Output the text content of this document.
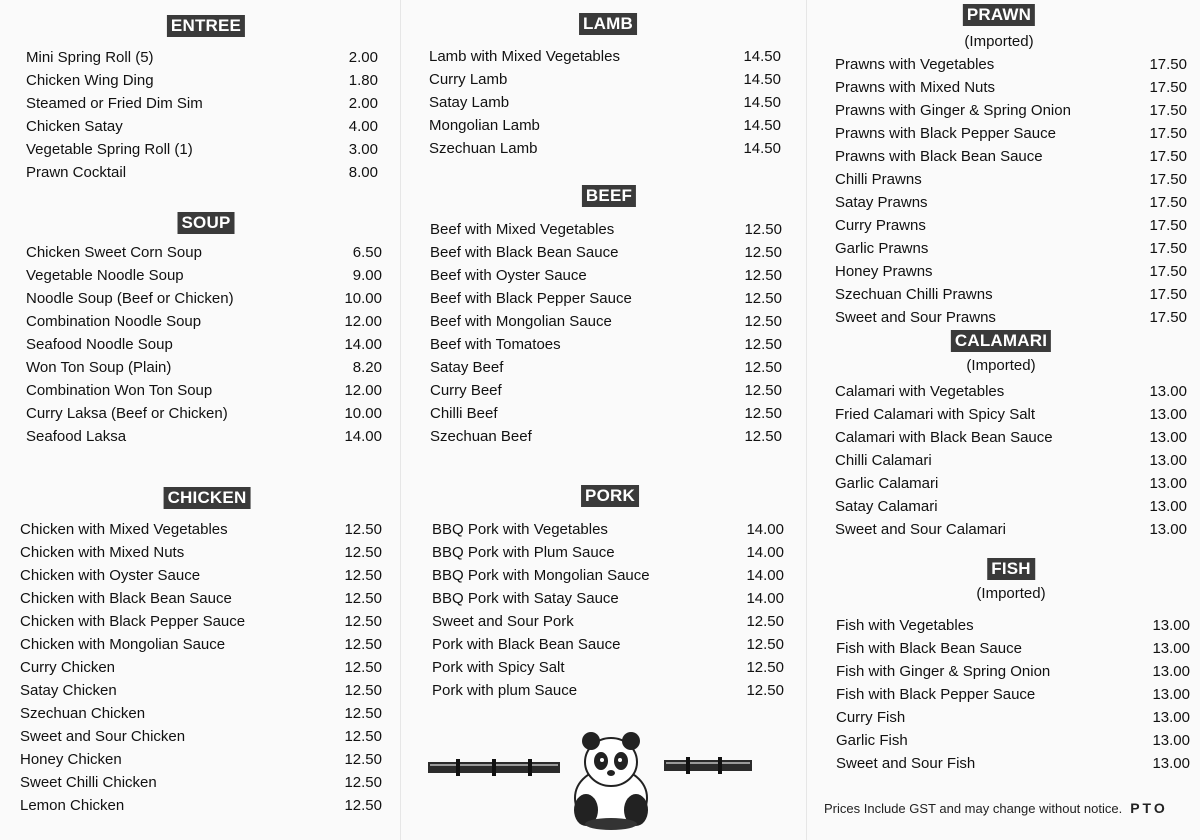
ENTREE
Mini Spring Roll (5)	2.00
Chicken Wing Ding	1.80
Steamed or Fried Dim Sim	2.00
Chicken Satay	4.00
Vegetable Spring Roll (1)	3.00
Prawn Cocktail	8.00
SOUP
Chicken Sweet Corn Soup	6.50
Vegetable Noodle Soup	9.00
Noodle Soup (Beef or Chicken)	10.00
Combination Noodle Soup	12.00
Seafood Noodle Soup	14.00
Won Ton Soup (Plain)	8.20
Combination Won Ton Soup	12.00
Curry Laksa (Beef or Chicken)	10.00
Seafood Laksa	14.00
CHICKEN
Chicken with Mixed Vegetables	12.50
Chicken with Mixed Nuts	12.50
Chicken with Oyster Sauce	12.50
Chicken with Black Bean Sauce	12.50
Chicken with Black Pepper Sauce	12.50
Chicken with Mongolian Sauce	12.50
Curry Chicken	12.50
Satay Chicken	12.50
Szechuan Chicken	12.50
Sweet and Sour Chicken	12.50
Honey Chicken	12.50
Sweet Chilli Chicken	12.50
Lemon Chicken	12.50
LAMB
Lamb with Mixed Vegetables	14.50
Curry Lamb	14.50
Satay Lamb	14.50
Mongolian Lamb	14.50
Szechuan Lamb	14.50
BEEF
Beef with Mixed Vegetables	12.50
Beef with Black Bean Sauce	12.50
Beef with Oyster Sauce	12.50
Beef with Black Pepper Sauce	12.50
Beef with Mongolian Sauce	12.50
Beef with Tomatoes	12.50
Satay Beef	12.50
Curry Beef	12.50
Chilli Beef	12.50
Szechuan Beef	12.50
PORK
BBQ Pork with Vegetables	14.00
BBQ Pork with Plum Sauce	14.00
BBQ Pork with Mongolian Sauce	14.00
BBQ Pork with Satay Sauce	14.00
Sweet and Sour Pork	12.50
Pork with Black Bean Sauce	12.50
Pork with Spicy Salt	12.50
Pork with plum Sauce	12.50
PRAWN
(Imported)
Prawns with Vegetables	17.50
Prawns with Mixed Nuts	17.50
Prawns with Ginger & Spring Onion	17.50
Prawns with Black Pepper Sauce	17.50
Prawns with Black Bean Sauce	17.50
Chilli Prawns	17.50
Satay Prawns	17.50
Curry Prawns	17.50
Garlic Prawns	17.50
Honey Prawns	17.50
Szechuan Chilli Prawns	17.50
Sweet and Sour Prawns	17.50
CALAMARI
(Imported)
Calamari with Vegetables	13.00
Fried Calamari with Spicy Salt	13.00
Calamari with Black Bean Sauce	13.00
Chilli Calamari	13.00
Garlic Calamari	13.00
Satay Calamari	13.00
Sweet and Sour Calamari	13.00
FISH
(Imported)
Fish with Vegetables	13.00
Fish with Black Bean Sauce	13.00
Fish with Ginger & Spring Onion	13.00
Fish with Black Pepper Sauce	13.00
Curry Fish	13.00
Garlic Fish	13.00
Sweet and Sour Fish	13.00
Prices Include GST and may change without notice. PTO
